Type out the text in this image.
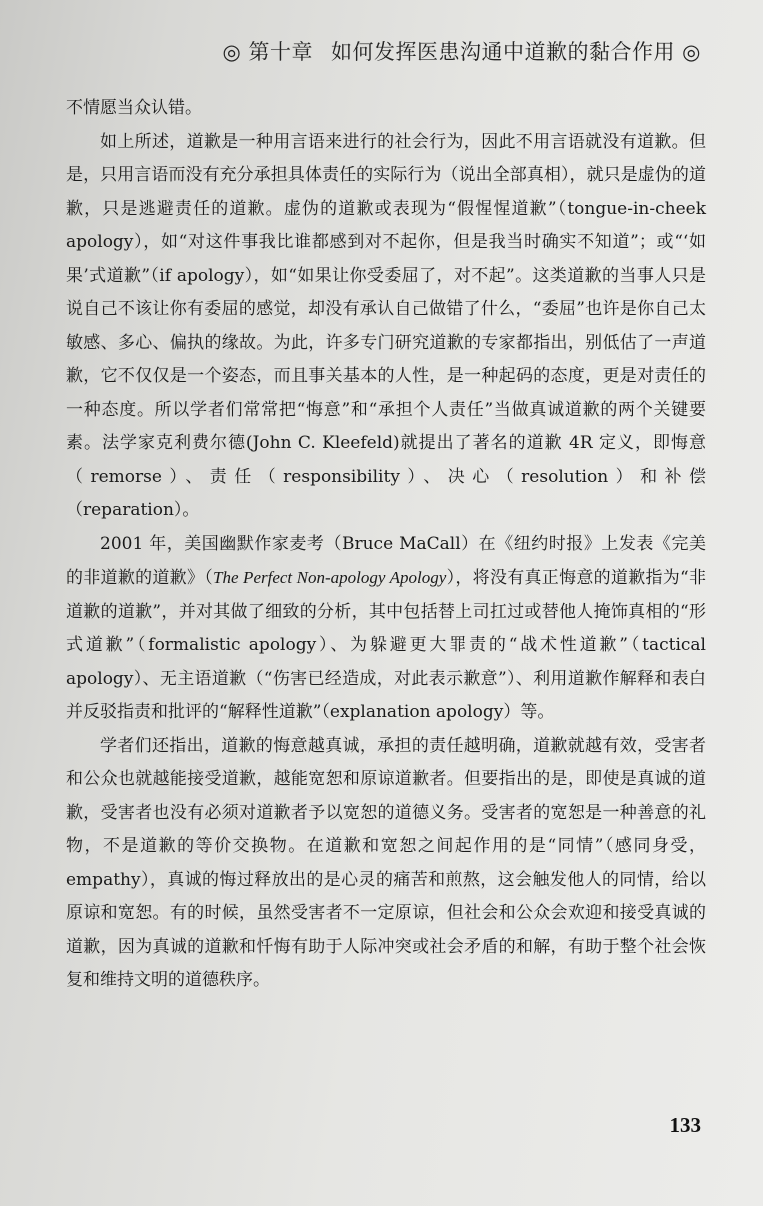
◎ 第十章 如何发挥医患沟通中道歉的黏合作用 ◎

不情愿当众认错。

如上所述，道歉是一种用言语来进行的社会行为，因此不用言语就没有道歉。但是，只用言语而没有充分承担具体责任的实际行为（说出全部真相），就只是虚伪的道歉，只是逃避责任的道歉。虚伪的道歉或表现为“假惺惺道歉”（tongue-in-cheek apology），如“对这件事我比谁都感到对不起你，但是我当时确实不知道”；或“‘如果’式道歉”（if apology），如“如果让你受委屈了，对不起”。这类道歉的当事人只是说自己不该让你有委屈的感觉，却没有承认自己做错了什么，“委屈”也许是你自己太敏感、多心、偏执的缘故。为此，许多专门研究道歉的专家都指出，别低估了一声道歉，它不仅仅是一个姿态，而且事关基本的人性，是一种起码的态度，更是对责任的一种态度。所以学者们常常把“悔意”和“承担个人责任”当做真诚道歉的两个关键要素。法学家克利费尔德(John C. Kleefeld)就提出了著名的道歉 4R 定义，即悔意（remorse）、责任（responsibility）、决心（resolution）和补偿（reparation）。

2001 年，美国幽默作家麦考（Bruce MaCall）在《纽约时报》上发表《完美的非道歉的道歉》（The Perfect Non-apology Apology），将没有真正悔意的道歉指为“非道歉的道歉”，并对其做了细致的分析，其中包括替上司扛过或替他人掩饰真相的“形式道歉”（formalistic apology）、为躲避更大罪责的“战术性道歉”（tactical apology）、无主语道歉（“伤害已经造成，对此表示歉意”）、利用道歉作解释和表白并反驳指责和批评的“解释性道歉”（explanation apology）等。

学者们还指出，道歉的悔意越真诚，承担的责任越明确，道歉就越有效，受害者和公众也就越能接受道歉，越能宽恕和原谅道歉者。但要指出的是，即使是真诚的道歉，受害者也没有必须对道歉者予以宽恕的道德义务。受害者的宽恕是一种善意的礼物，不是道歉的等价交换物。在道歉和宽恕之间起作用的是“同情”（感同身受，empathy），真诚的悔过释放出的是心灵的痛苦和煎熬，这会触发他人的同情，给以原谅和宽恕。有的时候，虽然受害者不一定原谅，但社会和公众会欢迎和接受真诚的道歉，因为真诚的道歉和忏悔有助于人际冲突或社会矛盾的和解，有助于整个社会恢复和维持文明的道德秩序。

133
